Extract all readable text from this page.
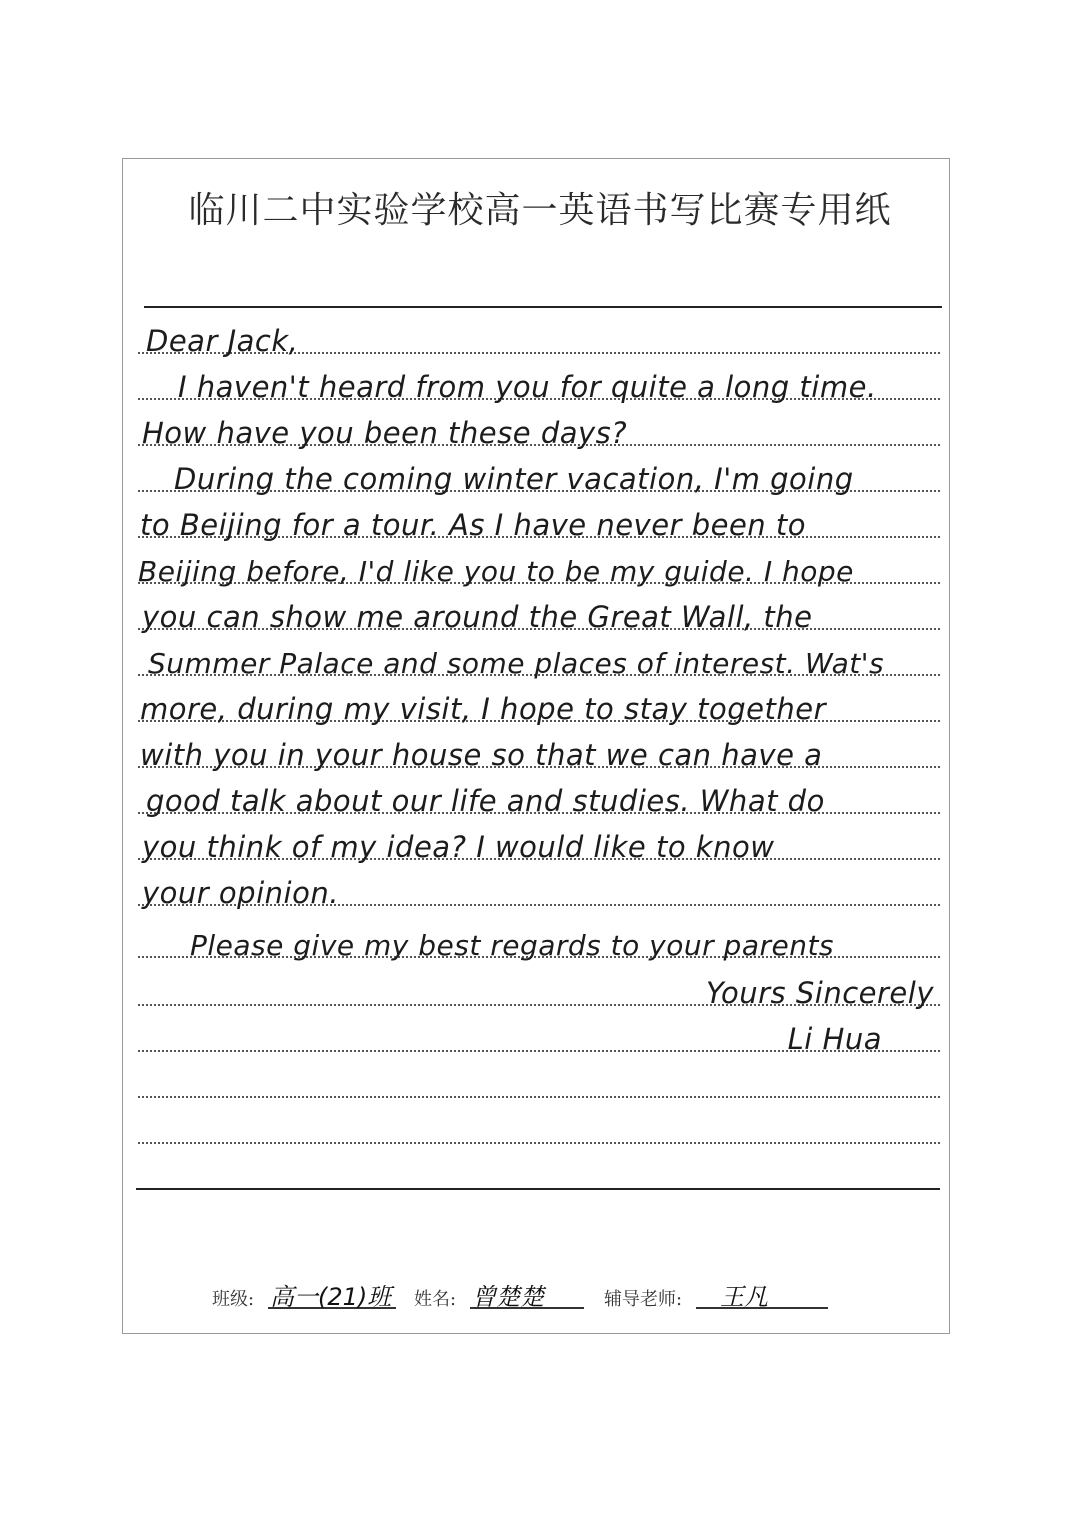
临川二中实验学校高一英语书写比赛专用纸
Dear Jack,
I haven't heard from you for quite a long time.
How have you been these days?
During the coming winter vacation, I'm going
to Beijing for a tour. As I have never been to
Beijing before, I'd like you to be my guide. I hope
you can show me around the Great Wall, the
Summer Palace and some places of interest. Wat's
more, during my visit, I hope to stay together
with you in your house so that we can have a
good talk about our life and studies. What do
you think of my idea? I would like to know
your opinion.
Please give my best regards to your parents
Yours Sincerely
Li Hua
班级: 高一(21)班 姓名: 曾楚楚	辅导老师:	王凡
